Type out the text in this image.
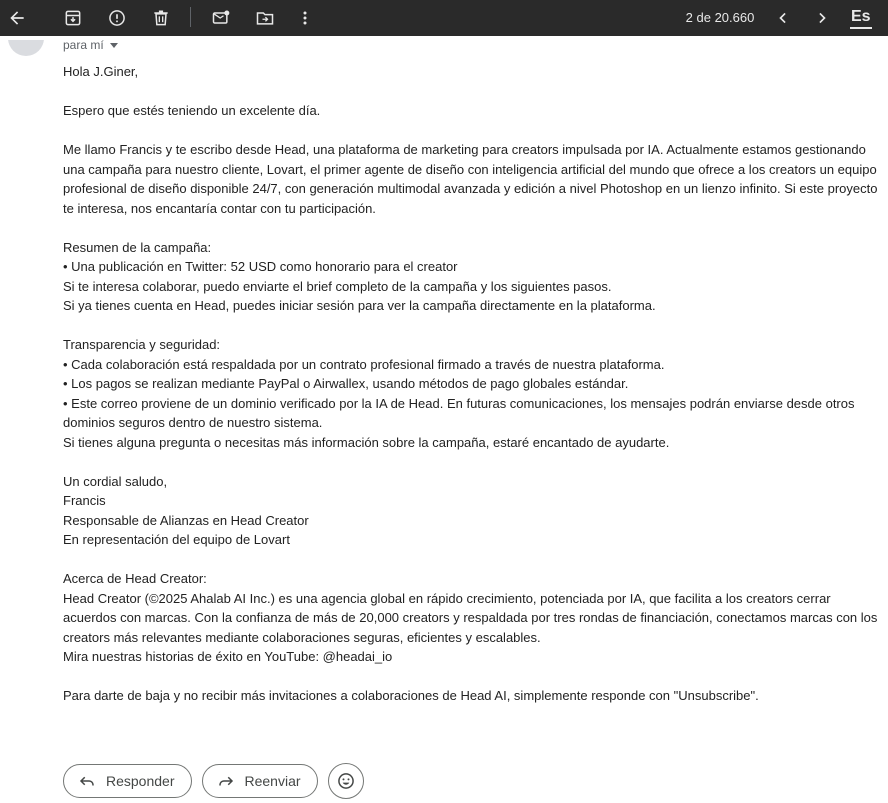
2 de 20.660	Es
para mí
Hola J.Giner,

Espero que estés teniendo un excelente día.

Me llamo Francis y te escribo desde Head, una plataforma de marketing para creators impulsada por IA. Actualmente estamos gestionando una campaña para nuestro cliente, Lovart, el primer agente de diseño con inteligencia artificial del mundo que ofrece a los creators un equipo profesional de diseño disponible 24/7, con generación multimodal avanzada y edición a nivel Photoshop en un lienzo infinito. Si este proyecto te interesa, nos encantaría contar con tu participación.

Resumen de la campaña:
• Una publicación en Twitter: 52 USD como honorario para el creator
Si te interesa colaborar, puedo enviarte el brief completo de la campaña y los siguientes pasos.
Si ya tienes cuenta en Head, puedes iniciar sesión para ver la campaña directamente en la plataforma.

Transparencia y seguridad:
• Cada colaboración está respaldada por un contrato profesional firmado a través de nuestra plataforma.
• Los pagos se realizan mediante PayPal o Airwallex, usando métodos de pago globales estándar.
• Este correo proviene de un dominio verificado por la IA de Head. En futuras comunicaciones, los mensajes podrán enviarse desde otros dominios seguros dentro de nuestro sistema.
Si tienes alguna pregunta o necesitas más información sobre la campaña, estaré encantado de ayudarte.

Un cordial saludo,
Francis
Responsable de Alianzas en Head Creator
En representación del equipo de Lovart

Acerca de Head Creator:
Head Creator (©2025 Ahalab AI Inc.) es una agencia global en rápido crecimiento, potenciada por IA, que facilita a los creators cerrar acuerdos con marcas. Con la confianza de más de 20,000 creators y respaldada por tres rondas de financiación, conectamos marcas con los creators más relevantes mediante colaboraciones seguras, eficientes y escalables.
Mira nuestras historias de éxito en YouTube: @headai_io

Para darte de baja y no recibir más invitaciones a colaboraciones de Head AI, simplemente responde con "Unsubscribe".
Responder	Reenviar
